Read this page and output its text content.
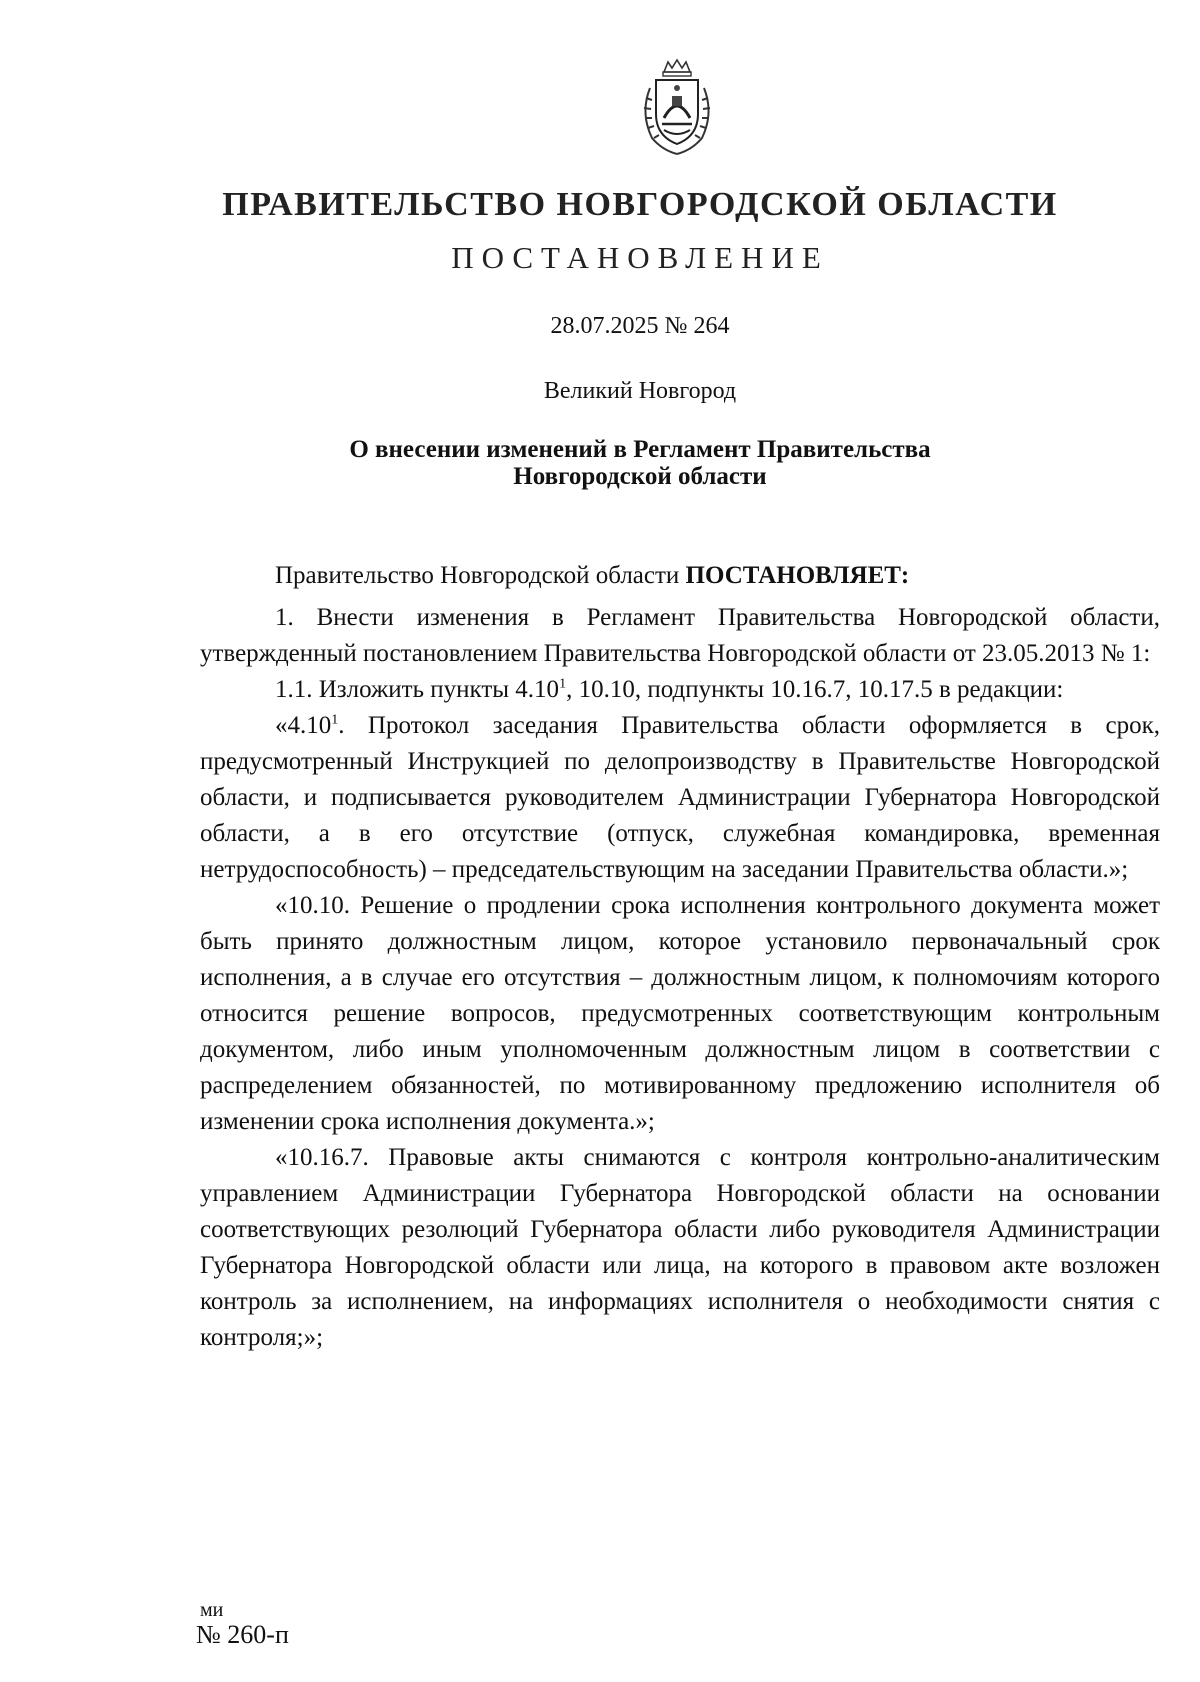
ПРАВИТЕЛЬСТВО НОВГОРОДСКОЙ ОБЛАСТИ
ПОСТАНОВЛЕНИЕ
28.07.2025 № 264
Великий Новгород
О внесении изменений в Регламент Правительства
Новгородской области

Правительство Новгородской области ПОСТАНОВЛЯЕТ:

1. Внести изменения в Регламент Правительства Новгородской области, утвержденный постановлением Правительства Новгородской области от 23.05.2013 № 1:

1.1. Изложить пункты 4.10$^1$, 10.10, подпункты 10.16.7, 10.17.5 в редакции:

«4.10$^1$. Протокол заседания Правительства области оформляется в срок, предусмотренный Инструкцией по делопроизводству в Правительстве Новгородской области, и подписывается руководителем Администрации Губернатора Новгородской области, а в его отсутствие (отпуск, служебная командировка, временная нетрудоспособность) – председательствующим на заседании Правительства области.»;

«10.10. Решение о продлении срока исполнения контрольного документа может быть принято должностным лицом, которое установило первоначальный срок исполнения, а в случае его отсутствия – должностным лицом, к полномочиям которого относится решение вопросов, предусмотренных соответствующим контрольным документом, либо иным уполномоченным должностным лицом в соответствии с распределением обязанностей, по мотивированному предложению исполнителя об изменении срока исполнения документа.»;

«10.16.7. Правовые акты снимаются с контроля контрольно-аналитическим управлением Администрации Губернатора Новгородской области на основании соответствующих резолюций Губернатора области либо руководителя Администрации Губернатора Новгородской области или лица, на которого в правовом акте возложен контроль за исполнением, на информациях исполнителя о необходимости снятия с контроля;»;

ми
№ 260-п
